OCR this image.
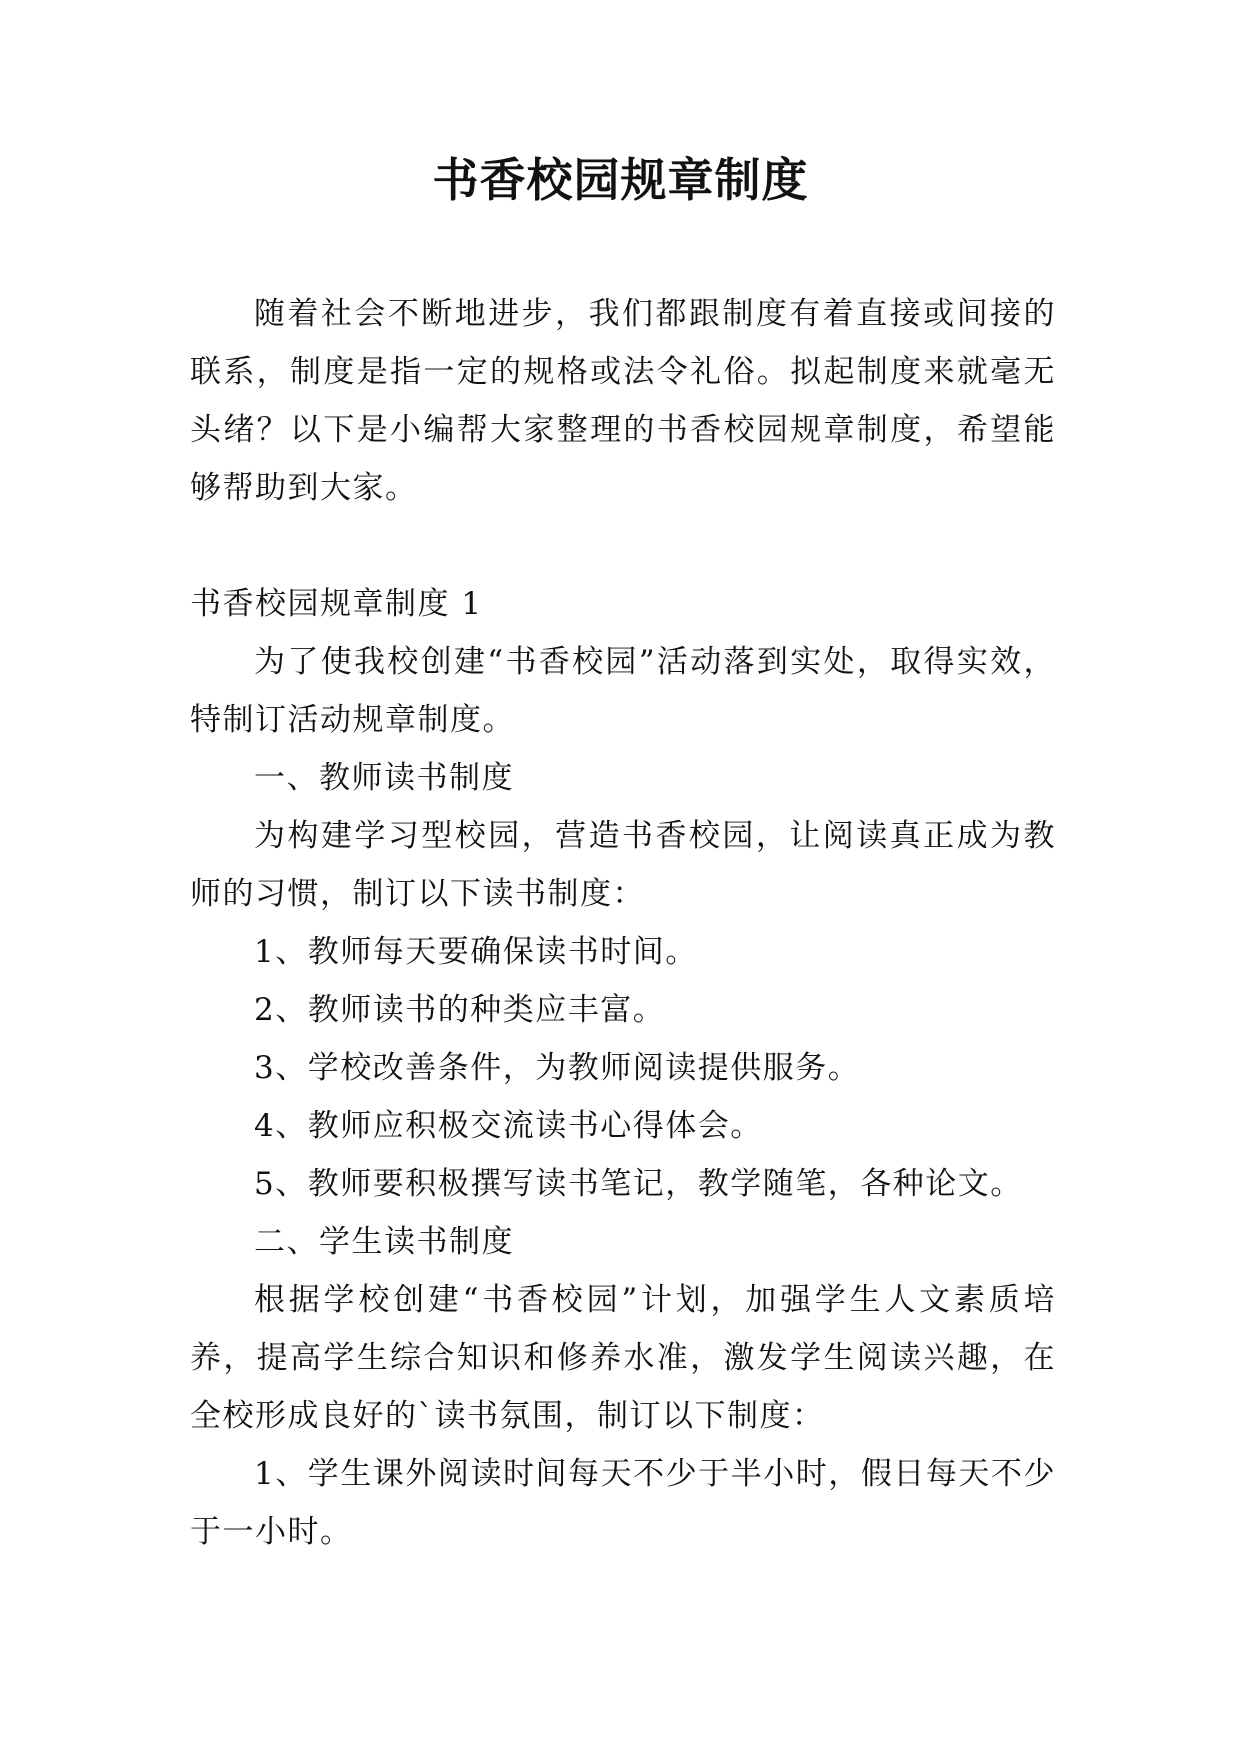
书香校园规章制度

随着社会不断地进步，我们都跟制度有着直接或间接的联系，制度是指一定的规格或法令礼俗。拟起制度来就毫无头绪？以下是小编帮大家整理的书香校园规章制度，希望能够帮助到大家。

书香校园规章制度 1

为了使我校创建“书香校园”活动落到实处，取得实效，特制订活动规章制度。

一、教师读书制度

为构建学习型校园，营造书香校园，让阅读真正成为教师的习惯，制订以下读书制度：

1、教师每天要确保读书时间。

2、教师读书的种类应丰富。

3、学校改善条件，为教师阅读提供服务。

4、教师应积极交流读书心得体会。

5、教师要积极撰写读书笔记，教学随笔，各种论文。

二、学生读书制度

根据学校创建“书香校园”计划，加强学生人文素质培养，提高学生综合知识和修养水准，激发学生阅读兴趣，在全校形成良好的`读书氛围，制订以下制度：

1、学生课外阅读时间每天不少于半小时，假日每天不少于一小时。
